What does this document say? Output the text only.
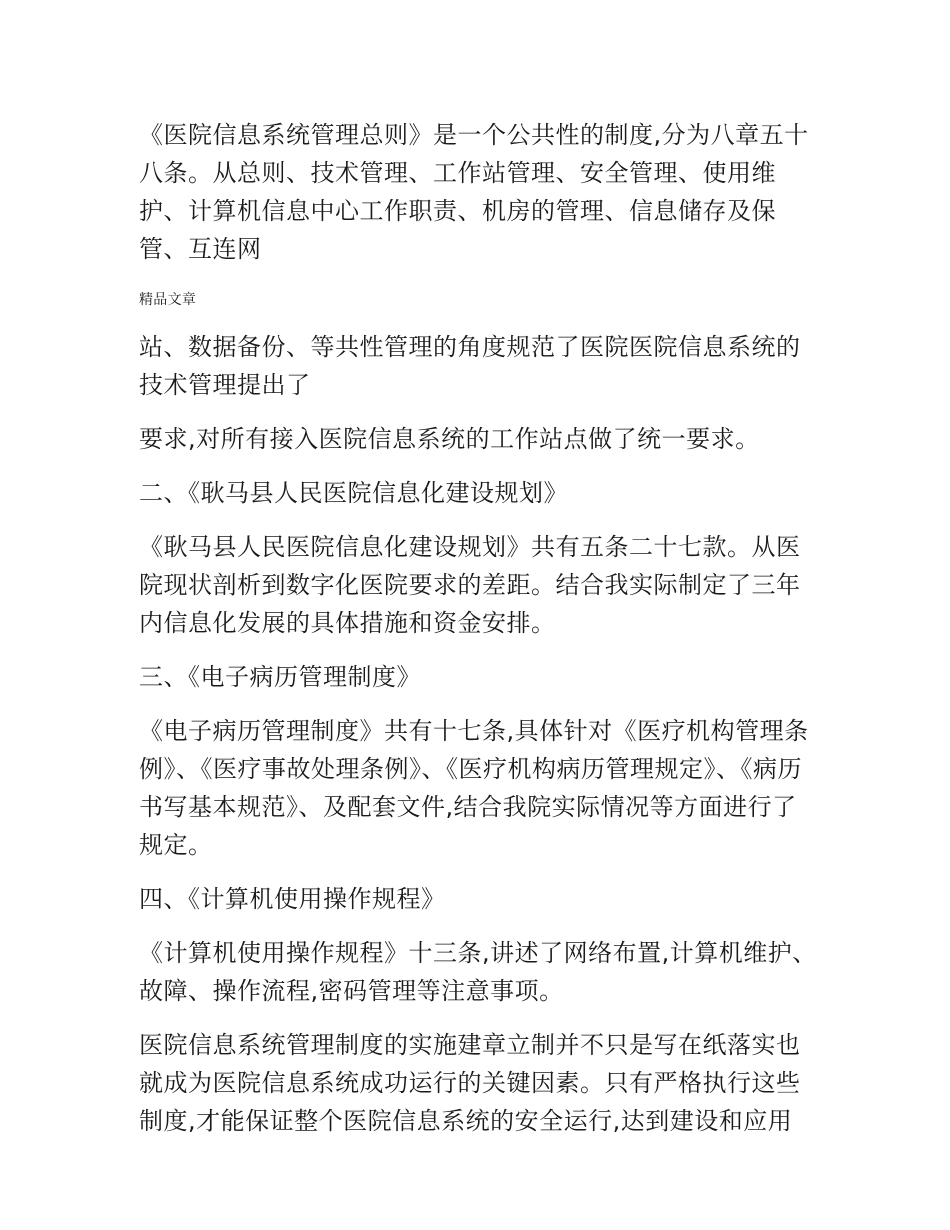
《医院信息系统管理总则》是一个公共性的制度,分为八章五十八条。从总则、技术管理、工作站管理、安全管理、使用维护、计算机信息中心工作职责、机房的管理、信息储存及保管、互连网

精品文章

站、数据备份、等共性管理的角度规范了医院医院信息系统的技术管理提出了

要求,对所有接入医院信息系统的工作站点做了统一要求。

二、《耿马县人民医院信息化建设规划》

《耿马县人民医院信息化建设规划》共有五条二十七款。从医院现状剖析到数字化医院要求的差距。结合我实际制定了三年内信息化发展的具体措施和资金安排。

三、《电子病历管理制度》

《电子病历管理制度》共有十七条,具体针对《医疗机构管理条例》、《医疗事故处理条例》、《医疗机构病历管理规定》、《病历书写基本规范》、及配套文件,结合我院实际情况等方面进行了规定。

四、《计算机使用操作规程》

《计算机使用操作规程》十三条,讲述了网络布置,计算机维护、故障、操作流程,密码管理等注意事项。

医院信息系统管理制度的实施建章立制并不只是写在纸落实也就成为医院信息系统成功运行的关键因素。只有严格执行这些制度,才能保证整个医院信息系统的安全运行,达到建设和应用
